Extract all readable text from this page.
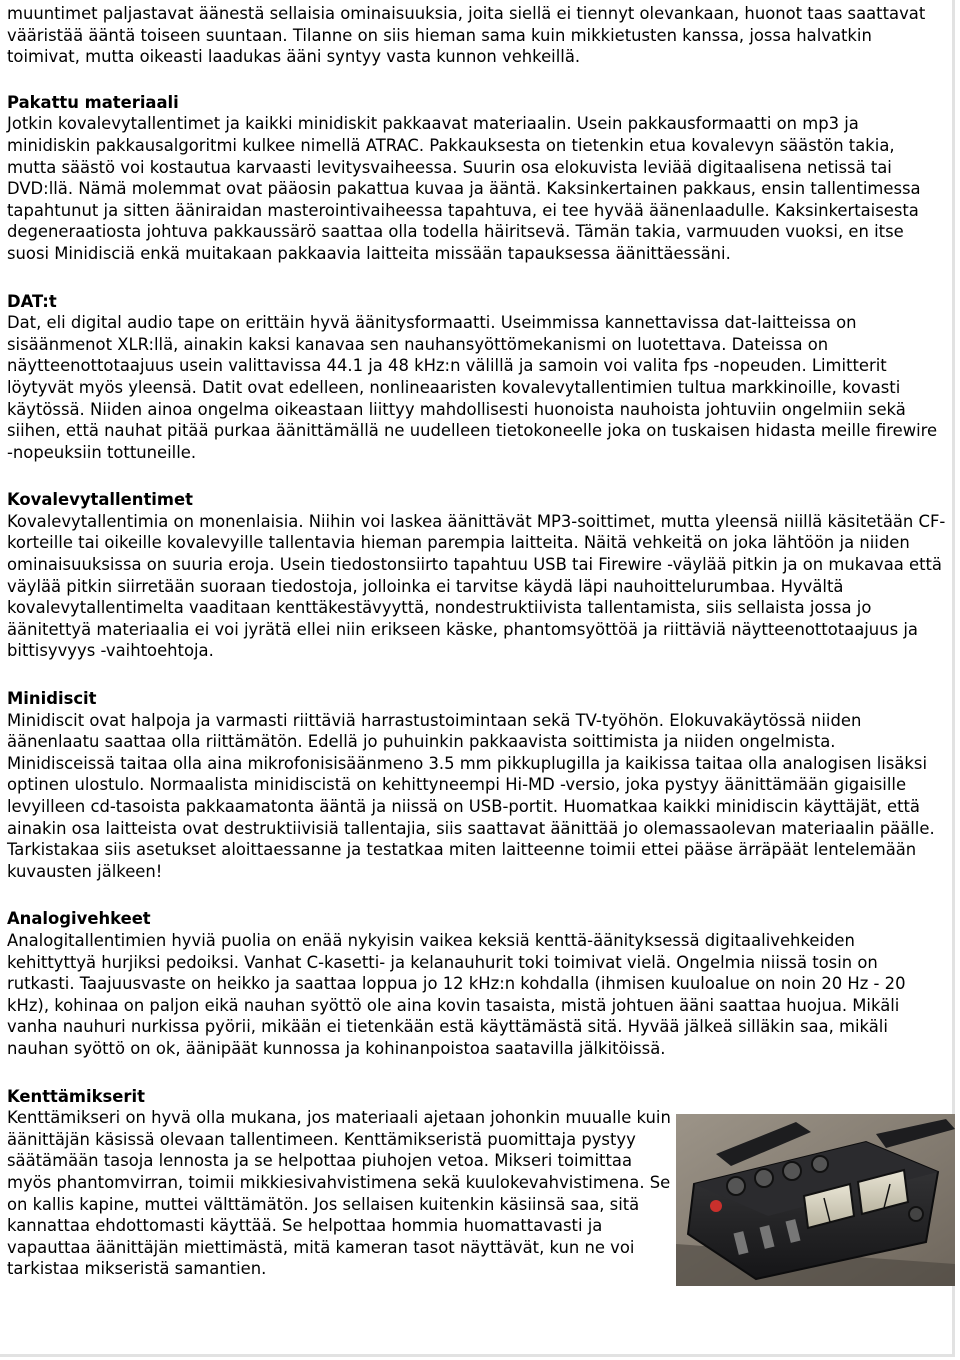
muuntimet paljastavat äänestä sellaisia ominaisuuksia, joita siellä ei tiennyt olevankaan, huonot taas saattavat vääristää ääntä toiseen suuntaan. Tilanne on siis hieman sama kuin mikkietusten kanssa, jossa halvatkin toimivat, mutta oikeasti laadukas ääni syntyy vasta kunnon vehkeillä.

Pakattu materiaali

Jotkin kovalevytallentimet ja kaikki minidiskit pakkaavat materiaalin. Usein pakkausformaatti on mp3 ja minidiskin pakkausalgoritmi kulkee nimellä ATRAC. Pakkauksesta on tietenkin etua kovalevyn säästön takia, mutta säästö voi kostautua karvaasti levitysvaiheessa. Suurin osa elokuvista leviää digitaalisena netissä tai DVD:llä. Nämä molemmat ovat pääosin pakattua kuvaa ja ääntä. Kaksinkertainen pakkaus, ensin tallentimessa tapahtunut ja sitten ääniraidan masterointivaiheessa tapahtuva, ei tee hyvää äänenlaadulle. Kaksinkertaisesta degeneraatiosta johtuva pakkaussärö saattaa olla todella häiritsevä. Tämän takia, varmuuden vuoksi, en itse suosi Minidisciä enkä muitakaan pakkaavia laitteita missään tapauksessa äänittäessäni.

DAT:t

Dat, eli digital audio tape on erittäin hyvä äänitysformaatti. Useimmissa kannettavissa dat-laitteissa on sisäänmenot XLR:llä, ainakin kaksi kanavaa sen nauhansyöttömekanismi on luotettava. Dateissa on näytteenottotaajuus usein valittavissa 44.1 ja 48 kHz:n välillä ja samoin voi valita fps -nopeuden. Limitterit löytyvät myös yleensä. Datit ovat edelleen, nonlineaaristen kovalevytallentimien tultua markkinoille, kovasti käytössä. Niiden ainoa ongelma oikeastaan liittyy mahdollisesti huonoista nauhoista johtuviin ongelmiin sekä siihen, että nauhat pitää purkaa äänittämällä ne uudelleen tietokoneelle joka on tuskaisen hidasta meille firewire -nopeuksiin tottuneille.

Kovalevytallentimet

Kovalevytallentimia on monenlaisia. Niihin voi laskea äänittävät MP3-soittimet, mutta yleensä niillä käsitetään CF-korteille tai oikeille kovalevyille tallentavia hieman parempia laitteita. Näitä vehkeitä on joka lähtöön ja niiden ominaisuuksissa on suuria eroja. Usein tiedostonsiirto tapahtuu USB tai Firewire -väylää pitkin ja on mukavaa että väylää pitkin siirretään suoraan tiedostoja, jolloinka ei tarvitse käydä läpi nauhoittelurumbaa. Hyvältä kovalevytallentimelta vaaditaan kenttäkestävyyttä, nondestruktiivista tallentamista, siis sellaista jossa jo äänitettyä materiaalia ei voi jyrätä ellei niin erikseen käske, phantomsyöttöä ja riittäviä näytteenottotaajuus ja bittisyvyys -vaihtoehtoja.

Minidiscit

Minidiscit ovat halpoja ja varmasti riittäviä harrastustoimintaan sekä TV-työhön. Elokuvakäytössä niiden äänenlaatu saattaa olla riittämätön. Edellä jo puhuinkin pakkaavista soittimista ja niiden ongelmista. Minidisceissä taitaa olla aina mikrofonisisäänmeno 3.5 mm pikkuplugilla ja kaikissa taitaa olla analogisen lisäksi optinen ulostulo. Normaalista minidiscistä on kehittyneempi Hi-MD -versio, joka pystyy äänittämään gigaisille levyilleen cd-tasoista pakkaamatonta ääntä ja niissä on USB-portit. Huomatkaa kaikki minidiscin käyttäjät, että ainakin osa laitteista ovat destruktiivisiä tallentajia, siis saattavat äänittää jo olemassaolevan materiaalin päälle. Tarkistakaa siis asetukset aloittaessanne ja testatkaa miten laitteenne toimii ettei pääse ärräpäät lentelemään kuvausten jälkeen!

Analogivehkeet

Analogitallentimien hyviä puolia on enää nykyisin vaikea keksiä kenttä-äänityksessä digitaalivehkeiden kehittyttyä hurjiksi pedoiksi. Vanhat C-kasetti- ja kelanauhurit toki toimivat vielä. Ongelmia niissä tosin on rutkasti. Taajuusvaste on heikko ja saattaa loppua jo 12 kHz:n kohdalla (ihmisen kuuloalue on noin 20 Hz - 20 kHz), kohinaa on paljon eikä nauhan syöttö ole aina kovin tasaista, mistä johtuen ääni saattaa huojua. Mikäli vanha nauhuri nurkissa pyörii, mikään ei tietenkään estä käyttämästä sitä. Hyvää jälkeä silläkin saa, mikäli nauhan syöttö on ok, äänipäät kunnossa ja kohinanpoistoa saatavilla jälkitöissä.

Kenttämikserit

Kenttämikseri on hyvä olla mukana, jos materiaali ajetaan johonkin muualle kuin äänittäjän käsissä olevaan tallentimeen. Kenttämikseristä puomittaja pystyy säätämään tasoja lennosta ja se helpottaa piuhojen vetoa. Mikseri toimittaa myös phantomvirran, toimii mikkiesivahvistimena sekä kuulokevahvistimena. Se on kallis kapine, muttei välttämätön. Jos sellaisen kuitenkin käsiinsä saa, sitä kannattaa ehdottomasti käyttää. Se helpottaa hommia huomattavasti ja vapauttaa äänittäjän miettimästä, mitä kameran tasot näyttävät, kun ne voi tarkistaa mikseristä samantien.
